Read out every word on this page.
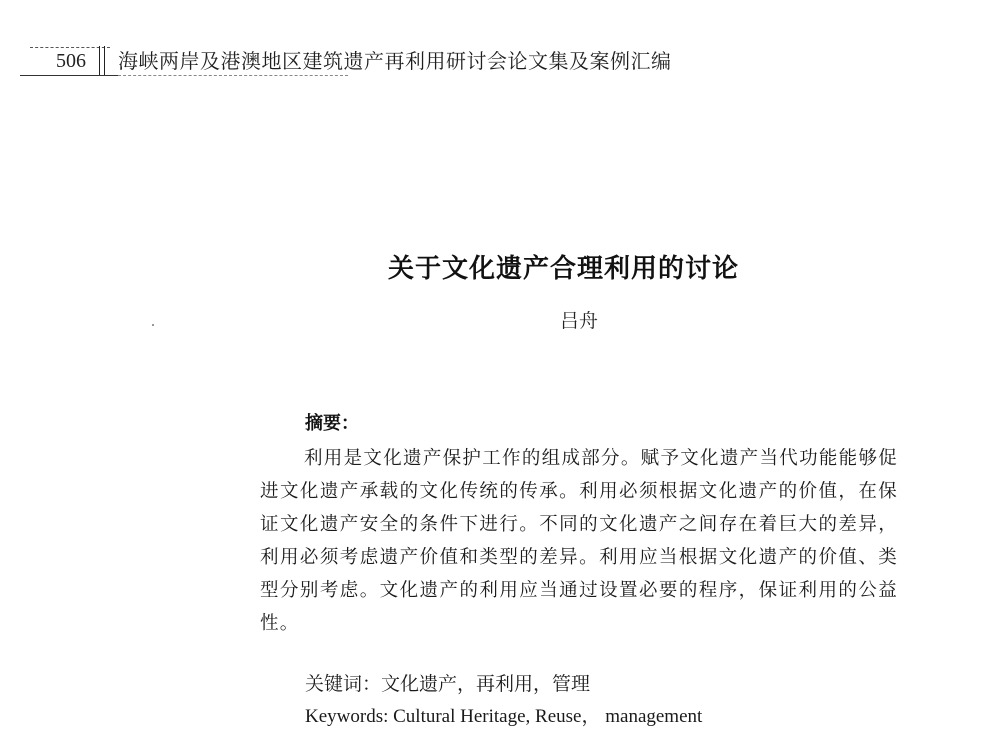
506 海峡两岸及港澳地区建筑遗产再利用研讨会论文集及案例汇编
关于文化遗产合理利用的讨论
吕舟
摘要：

利用是文化遗产保护工作的组成部分。赋予文化遗产当代功能能够促进文化遗产承载的文化传统的传承。利用必须根据文化遗产的价值，在保证文化遗产安全的条件下进行。不同的文化遗产之间存在着巨大的差异，利用必须考虑遗产价值和类型的差异。利用应当根据文化遗产的价值、类型分别考虑。文化遗产的利用应当通过设置必要的程序，保证利用的公益性。

关键词：文化遗产，再利用，管理
Keywords: Cultural Heritage, Reuse， management
